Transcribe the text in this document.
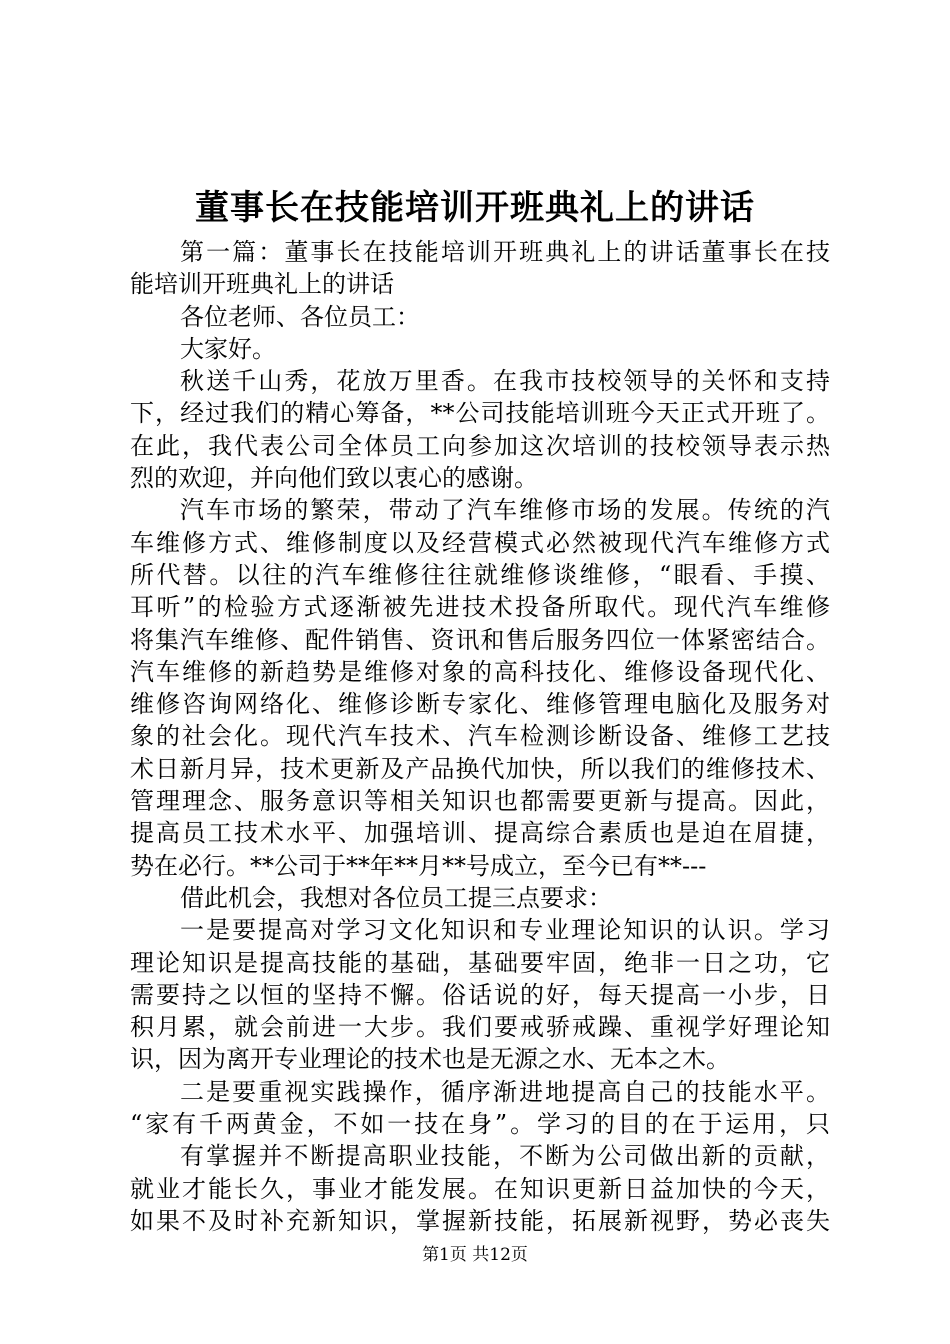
董事长在技能培训开班典礼上的讲话
第一篇：董事长在技能培训开班典礼上的讲话董事长在技
能培训开班典礼上的讲话
各位老师、各位员工：
大家好。
秋送千山秀，花放万里香。在我市技校领导的关怀和支持
下，经过我们的精心筹备，**公司技能培训班今天正式开班了。
在此，我代表公司全体员工向参加这次培训的技校领导表示热
烈的欢迎，并向他们致以衷心的感谢。
汽车市场的繁荣，带动了汽车维修市场的发展。传统的汽
车维修方式、维修制度以及经营模式必然被现代汽车维修方式
所代替。以往的汽车维修往往就维修谈维修，“眼看、手摸、
耳听”的检验方式逐渐被先进技术投备所取代。现代汽车维修
将集汽车维修、配件销售、资讯和售后服务四位一体紧密结合。
汽车维修的新趋势是维修对象的高科技化、维修设备现代化、
维修咨询网络化、维修诊断专家化、维修管理电脑化及服务对
象的社会化。现代汽车技术、汽车检测诊断设备、维修工艺技
术日新月异，技术更新及产品换代加快，所以我们的维修技术、
管理理念、服务意识等相关知识也都需要更新与提高。因此，
提高员工技术水平、加强培训、提高综合素质也是迫在眉捷，
势在必行。**公司于**年**月**号成立，至今已有**---
借此机会，我想对各位员工提三点要求：
一是要提高对学习文化知识和专业理论知识的认识。学习
理论知识是提高技能的基础，基础要牢固，绝非一日之功，它
需要持之以恒的坚持不懈。俗话说的好，每天提高一小步，日
积月累，就会前进一大步。我们要戒骄戒躁、重视学好理论知
识，因为离开专业理论的技术也是无源之水、无本之木。
二是要重视实践操作，循序渐进地提高自己的技能水平。
“家有千两黄金，不如一技在身”。学习的目的在于运用，只
有掌握并不断提高职业技能，不断为公司做出新的贡献，
就业才能长久，事业才能发展。在知识更新日益加快的今天，
如果不及时补充新知识，掌握新技能，拓展新视野，势必丧失
第1页 共12页
